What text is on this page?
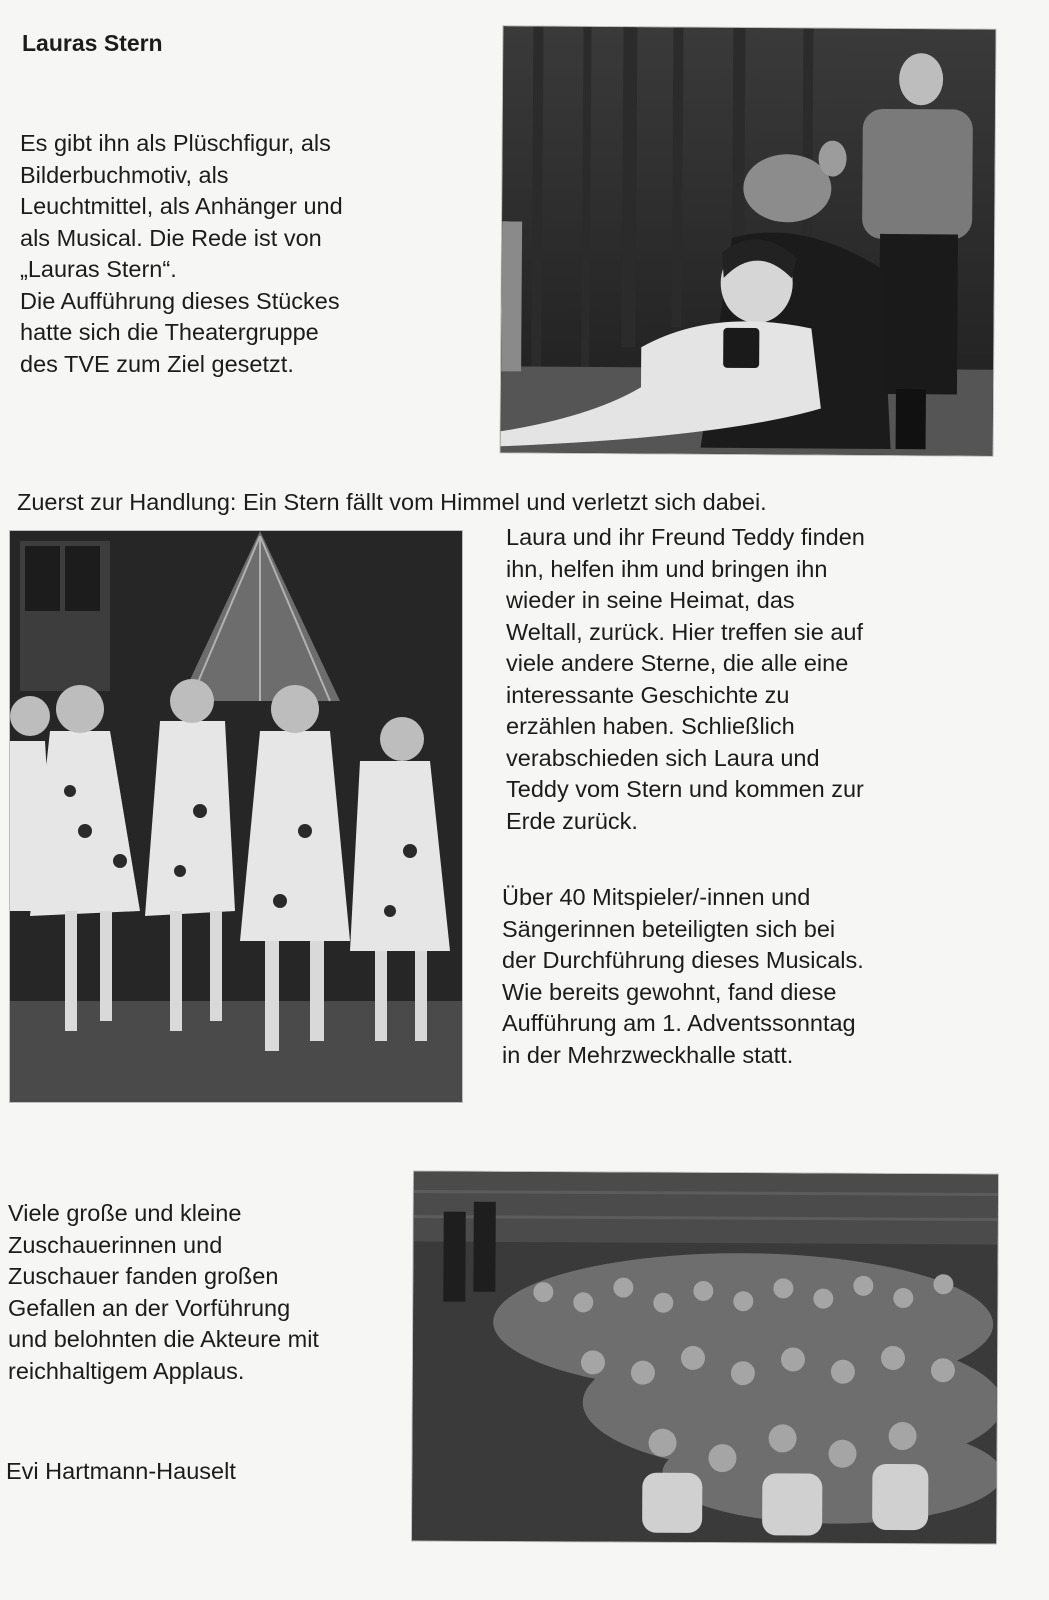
Lauras Stern

Es gibt ihn als Plüschfigur, als
Bilderbuchmotiv, als
Leuchtmittel, als Anhänger und
als Musical. Die Rede ist von
„Lauras Stern“.
Die Aufführung dieses Stückes
hatte sich die Theatergruppe
des TVE zum Ziel gesetzt.

Zuerst zur Handlung: Ein Stern fällt vom Himmel und verletzt sich dabei.

Laura und ihr Freund Teddy finden
ihn, helfen ihm und bringen ihn
wieder in seine Heimat, das
Weltall, zurück. Hier treffen sie auf
viele andere Sterne, die alle eine
interessante Geschichte zu
erzählen haben. Schließlich
verabschieden sich Laura und
Teddy vom Stern und kommen zur
Erde zurück.

Über 40 Mitspieler/-innen und
Sängerinnen beteiligten sich bei
der Durchführung dieses Musicals.
Wie bereits gewohnt, fand diese
Aufführung am 1. Adventssonntag
in der Mehrzweckhalle statt.

Viele große und kleine
Zuschauerinnen und
Zuschauer fanden großen
Gefallen an der Vorführung
und belohnten die Akteure mit
reichhaltigem Applaus.

Evi Hartmann-Hauselt
